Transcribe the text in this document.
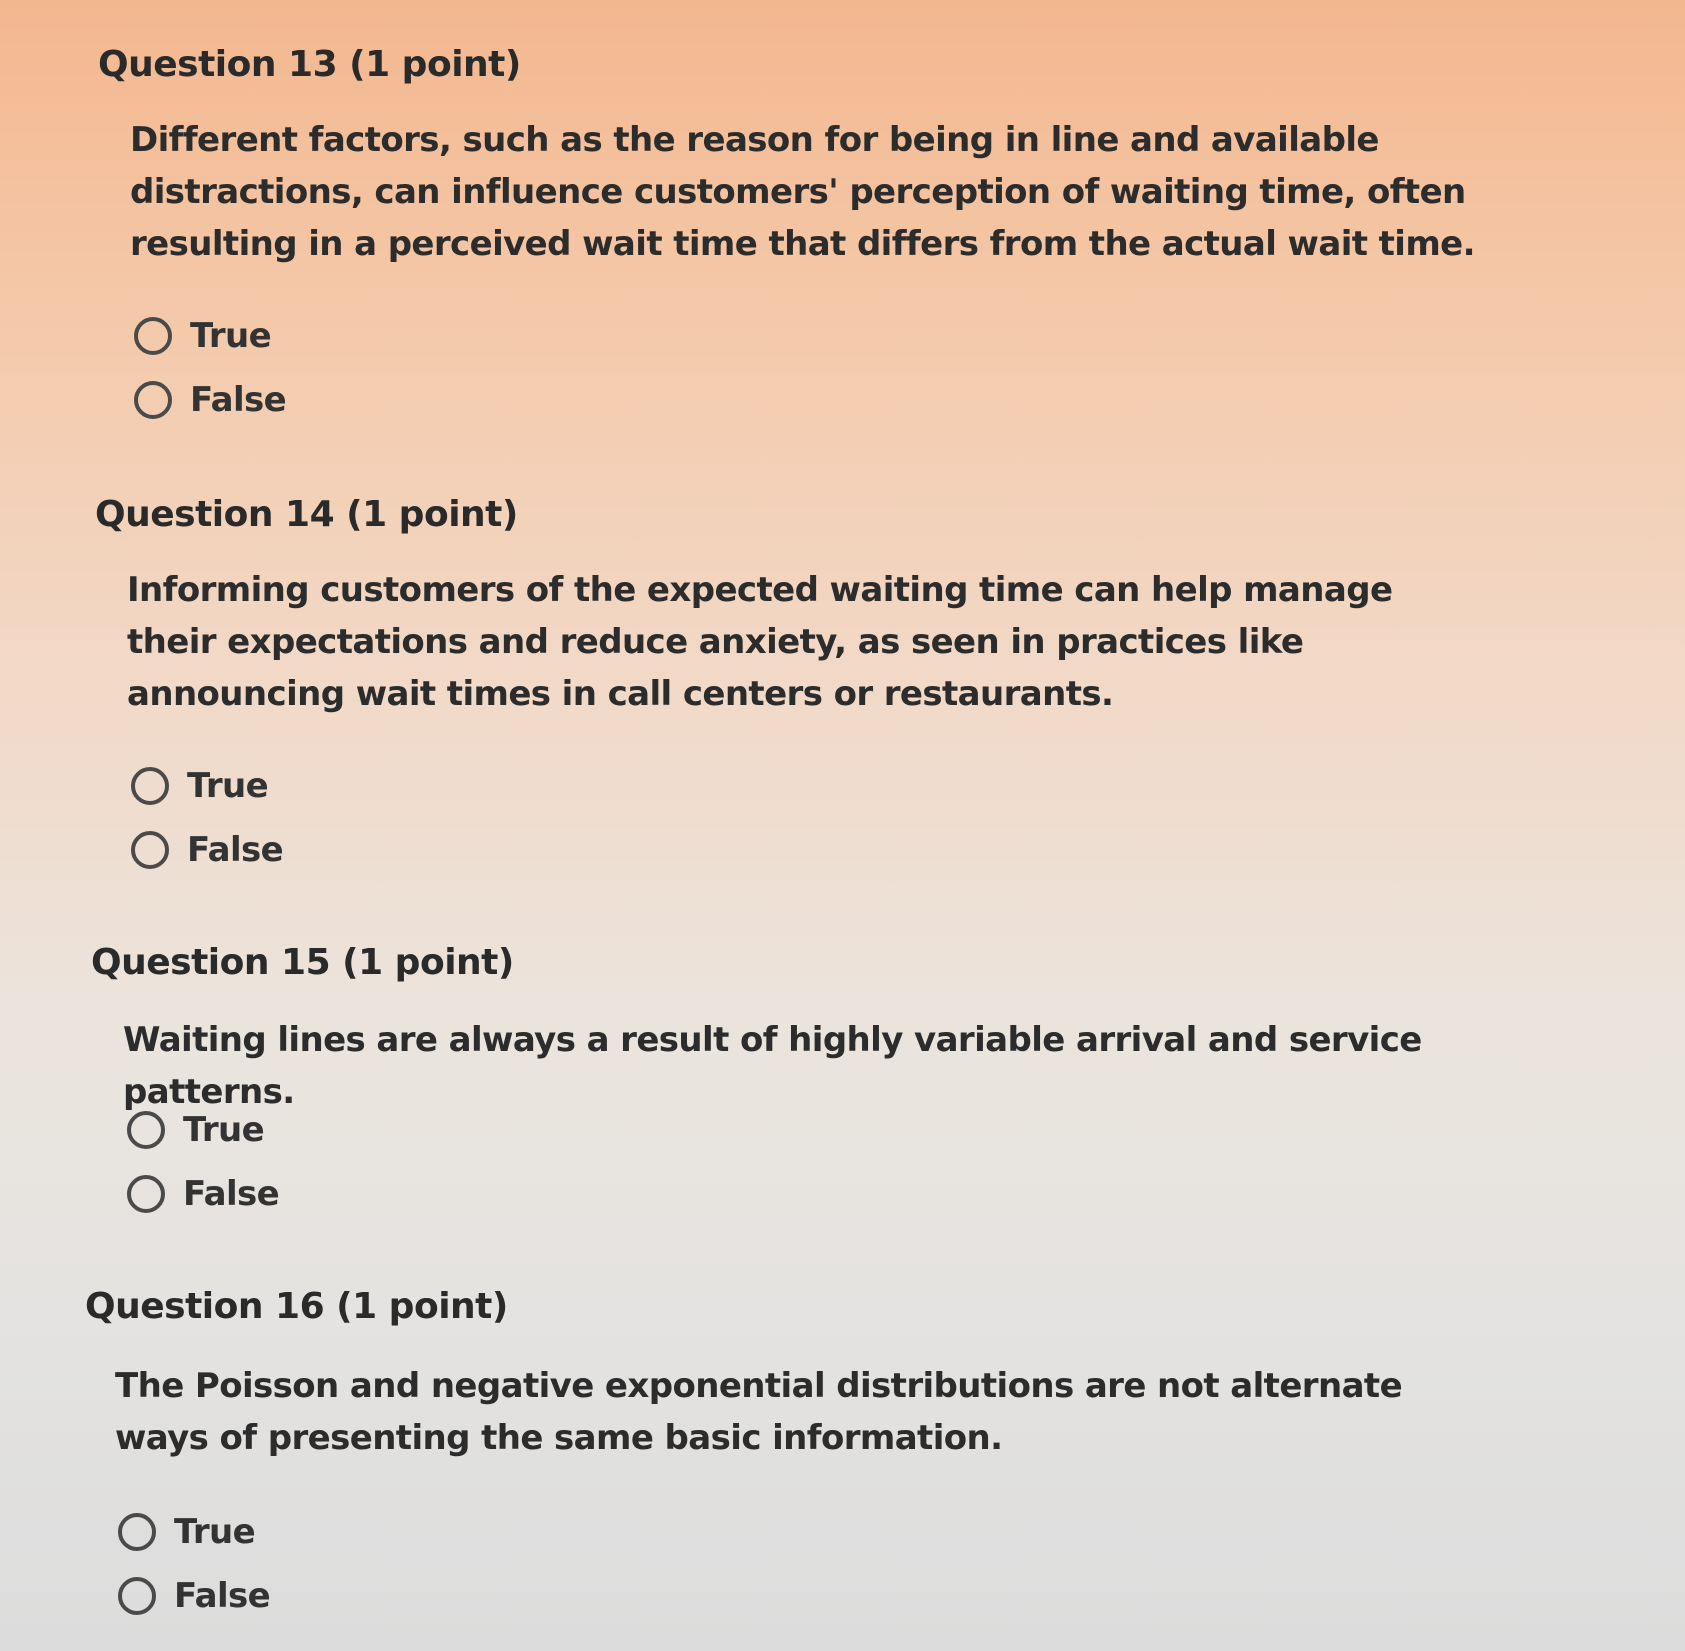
Question 13 (1 point)
Different factors, such as the reason for being in line and available distractions, can influence customers' perception of waiting time, often resulting in a perceived wait time that differs from the actual wait time.
True
False
Question 14 (1 point)
Informing customers of the expected waiting time can help manage their expectations and reduce anxiety, as seen in practices like announcing wait times in call centers or restaurants.
True
False
Question 15 (1 point)
Waiting lines are always a result of highly variable arrival and service patterns.
True
False
Question 16 (1 point)
The Poisson and negative exponential distributions are not alternate ways of presenting the same basic information.
True
False
